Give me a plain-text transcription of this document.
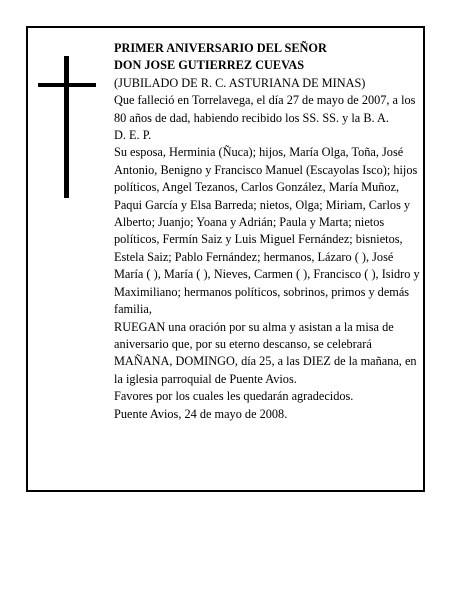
PRIMER ANIVERSARIO DEL SEÑOR

DON JOSE GUTIERREZ CUEVAS

(JUBILADO DE R. C. ASTURIANA DE MINAS)

Que falleció en Torrelavega, el día 27 de mayo de 2007, a los 80 años de dad, habiendo recibido los SS. SS. y la B. A.

D. E. P.

Su esposa, Herminia (Ñuca); hijos, María Olga, Toña, José Antonio, Benigno y Francisco Manuel (Escayolas Isco); hijos políticos, Angel Tezanos, Carlos González, María Muñoz, Paqui García y Elsa Barreda; nietos, Olga; Miriam, Carlos y Alberto; Juanjo; Yoana y Adrián; Paula y Marta; nietos políticos, Fermín Saiz y Luis Miguel Fernández; bisnietos, Estela Saiz; Pablo Fernández; hermanos, Lázaro ( ), José María ( ), María ( ), Nieves, Carmen ( ), Francisco ( ), Isidro y Maximiliano; hermanos políticos, sobrinos, primos y demás familia,

RUEGAN una oración por su alma y asistan a la misa de aniversario que, por su eterno descanso, se celebrará MAÑANA, DOMINGO, día 25, a las DIEZ de la mañana, en la iglesia parroquial de Puente Avios.

Favores por los cuales les quedarán agradecidos.

Puente Avios, 24 de mayo de 2008.
